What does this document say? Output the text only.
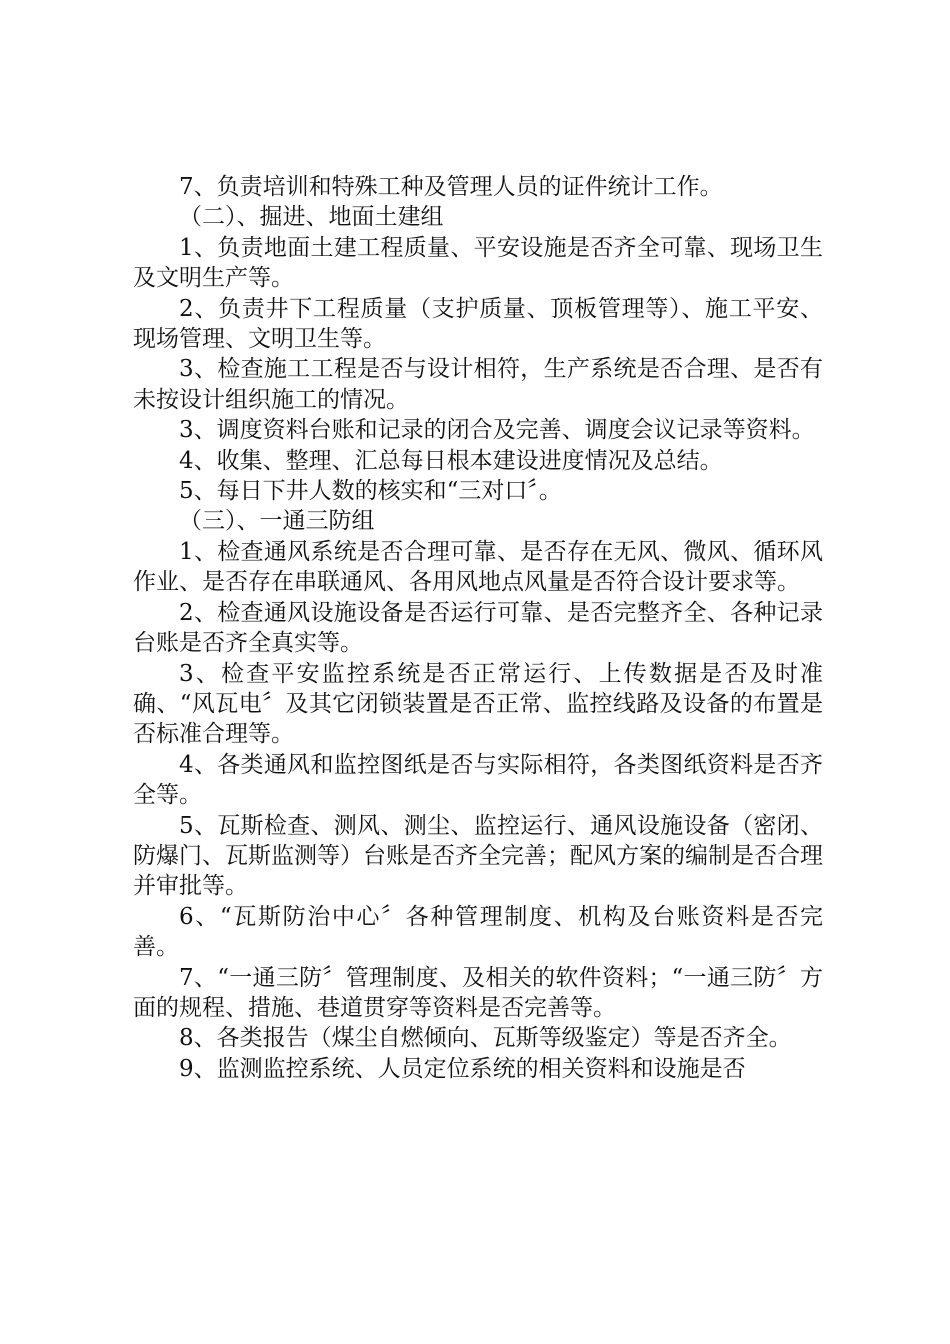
7、负责培训和特殊工种及管理人员的证件统计工作。

（二）、掘进、地面土建组

1、负责地面土建工程质量、平安设施是否齐全可靠、现场卫生及文明生产等。

2、负责井下工程质量（支护质量、顶板管理等）、施工平安、现场管理、文明卫生等。

3、检查施工工程是否与设计相符，生产系统是否合理、是否有未按设计组织施工的情况。

3、调度资料台账和记录的闭合及完善、调度会议记录等资料。

4、收集、整理、汇总每日根本建设进度情况及总结。

5、每日下井人数的核实和“三对口〞。

（三）、一通三防组

1、检查通风系统是否合理可靠、是否存在无风、微风、循环风作业、是否存在串联通风、各用风地点风量是否符合设计要求等。

2、检查通风设施设备是否运行可靠、是否完整齐全、各种记录台账是否齐全真实等。

3、检查平安监控系统是否正常运行、上传数据是否及时准确、“风瓦电〞及其它闭锁装置是否正常、监控线路及设备的布置是否标准合理等。

4、各类通风和监控图纸是否与实际相符，各类图纸资料是否齐全等。

5、瓦斯检查、测风、测尘、监控运行、通风设施设备（密闭、防爆门、瓦斯监测等）台账是否齐全完善；配风方案的编制是否合理并审批等。

6、“瓦斯防治中心〞各种管理制度、机构及台账资料是否完善。

7、“一通三防〞管理制度、及相关的软件资料；“一通三防〞方面的规程、措施、巷道贯穿等资料是否完善等。

8、各类报告（煤尘自燃倾向、瓦斯等级鉴定）等是否齐全。

9、监测监控系统、人员定位系统的相关资料和设施是否
